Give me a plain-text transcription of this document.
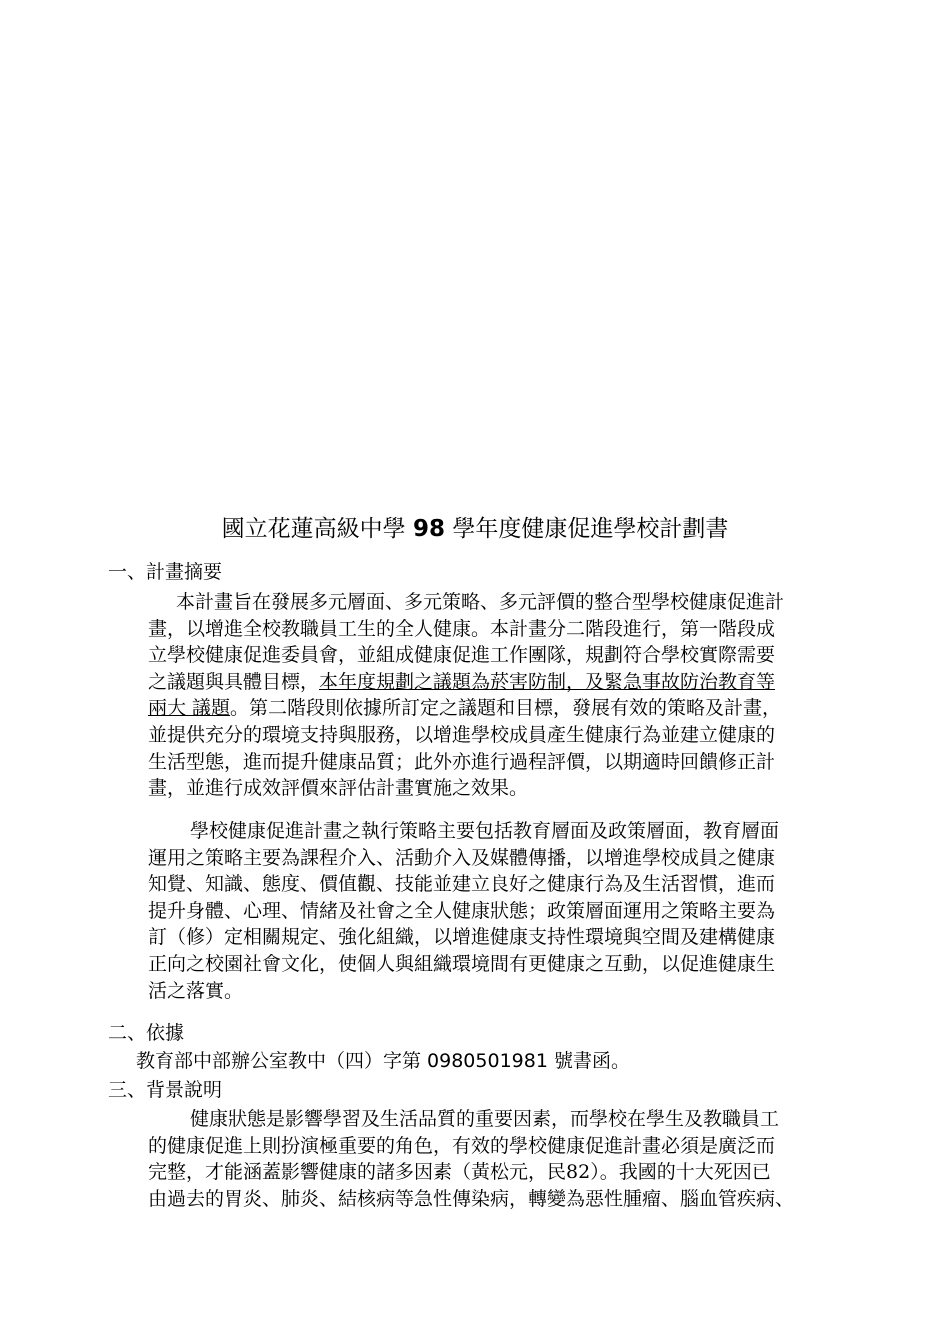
國立花蓮高級中學 98 學年度健康促進學校計劃書
一、計畫摘要
本計畫旨在發展多元層面、多元策略、多元評價的整合型學校健康促進計
畫，以增進全校教職員工生的全人健康。本計畫分二階段進行，第一階段成
立學校健康促進委員會，並組成健康促進工作團隊，規劃符合學校實際需要
之議題與具體目標，本年度規劃之議題為菸害防制，及緊急事故防治教育等
兩大 議題。第二階段則依據所訂定之議題和目標，發展有效的策略及計畫，
並提供充分的環境支持與服務，以增進學校成員產生健康行為並建立健康的
生活型態，進而提升健康品質；此外亦進行過程評價，以期適時回饋修正計
畫，並進行成效評價來評估計畫實施之效果。
學校健康促進計畫之執行策略主要包括教育層面及政策層面，教育層面
運用之策略主要為課程介入、活動介入及媒體傳播，以增進學校成員之健康
知覺、知識、態度、價值觀、技能並建立良好之健康行為及生活習慣，進而
提升身體、心理、情緒及社會之全人健康狀態；政策層面運用之策略主要為
訂（修）定相關規定、強化組織，以增進健康支持性環境與空間及建構健康
正向之校園社會文化，使個人與組織環境間有更健康之互動，以促進健康生
活之落實。
二、依據
教育部中部辦公室教中（四）字第 0980501981 號書函。
三、背景說明
健康狀態是影響學習及生活品質的重要因素，而學校在學生及教職員工
的健康促進上則扮演極重要的角色，有效的學校健康促進計畫必須是廣泛而
完整，才能涵蓋影響健康的諸多因素（黃松元，民82）。我國的十大死因已
由過去的胃炎、肺炎、結核病等急性傳染病，轉變為惡性腫瘤、腦血管疾病、
